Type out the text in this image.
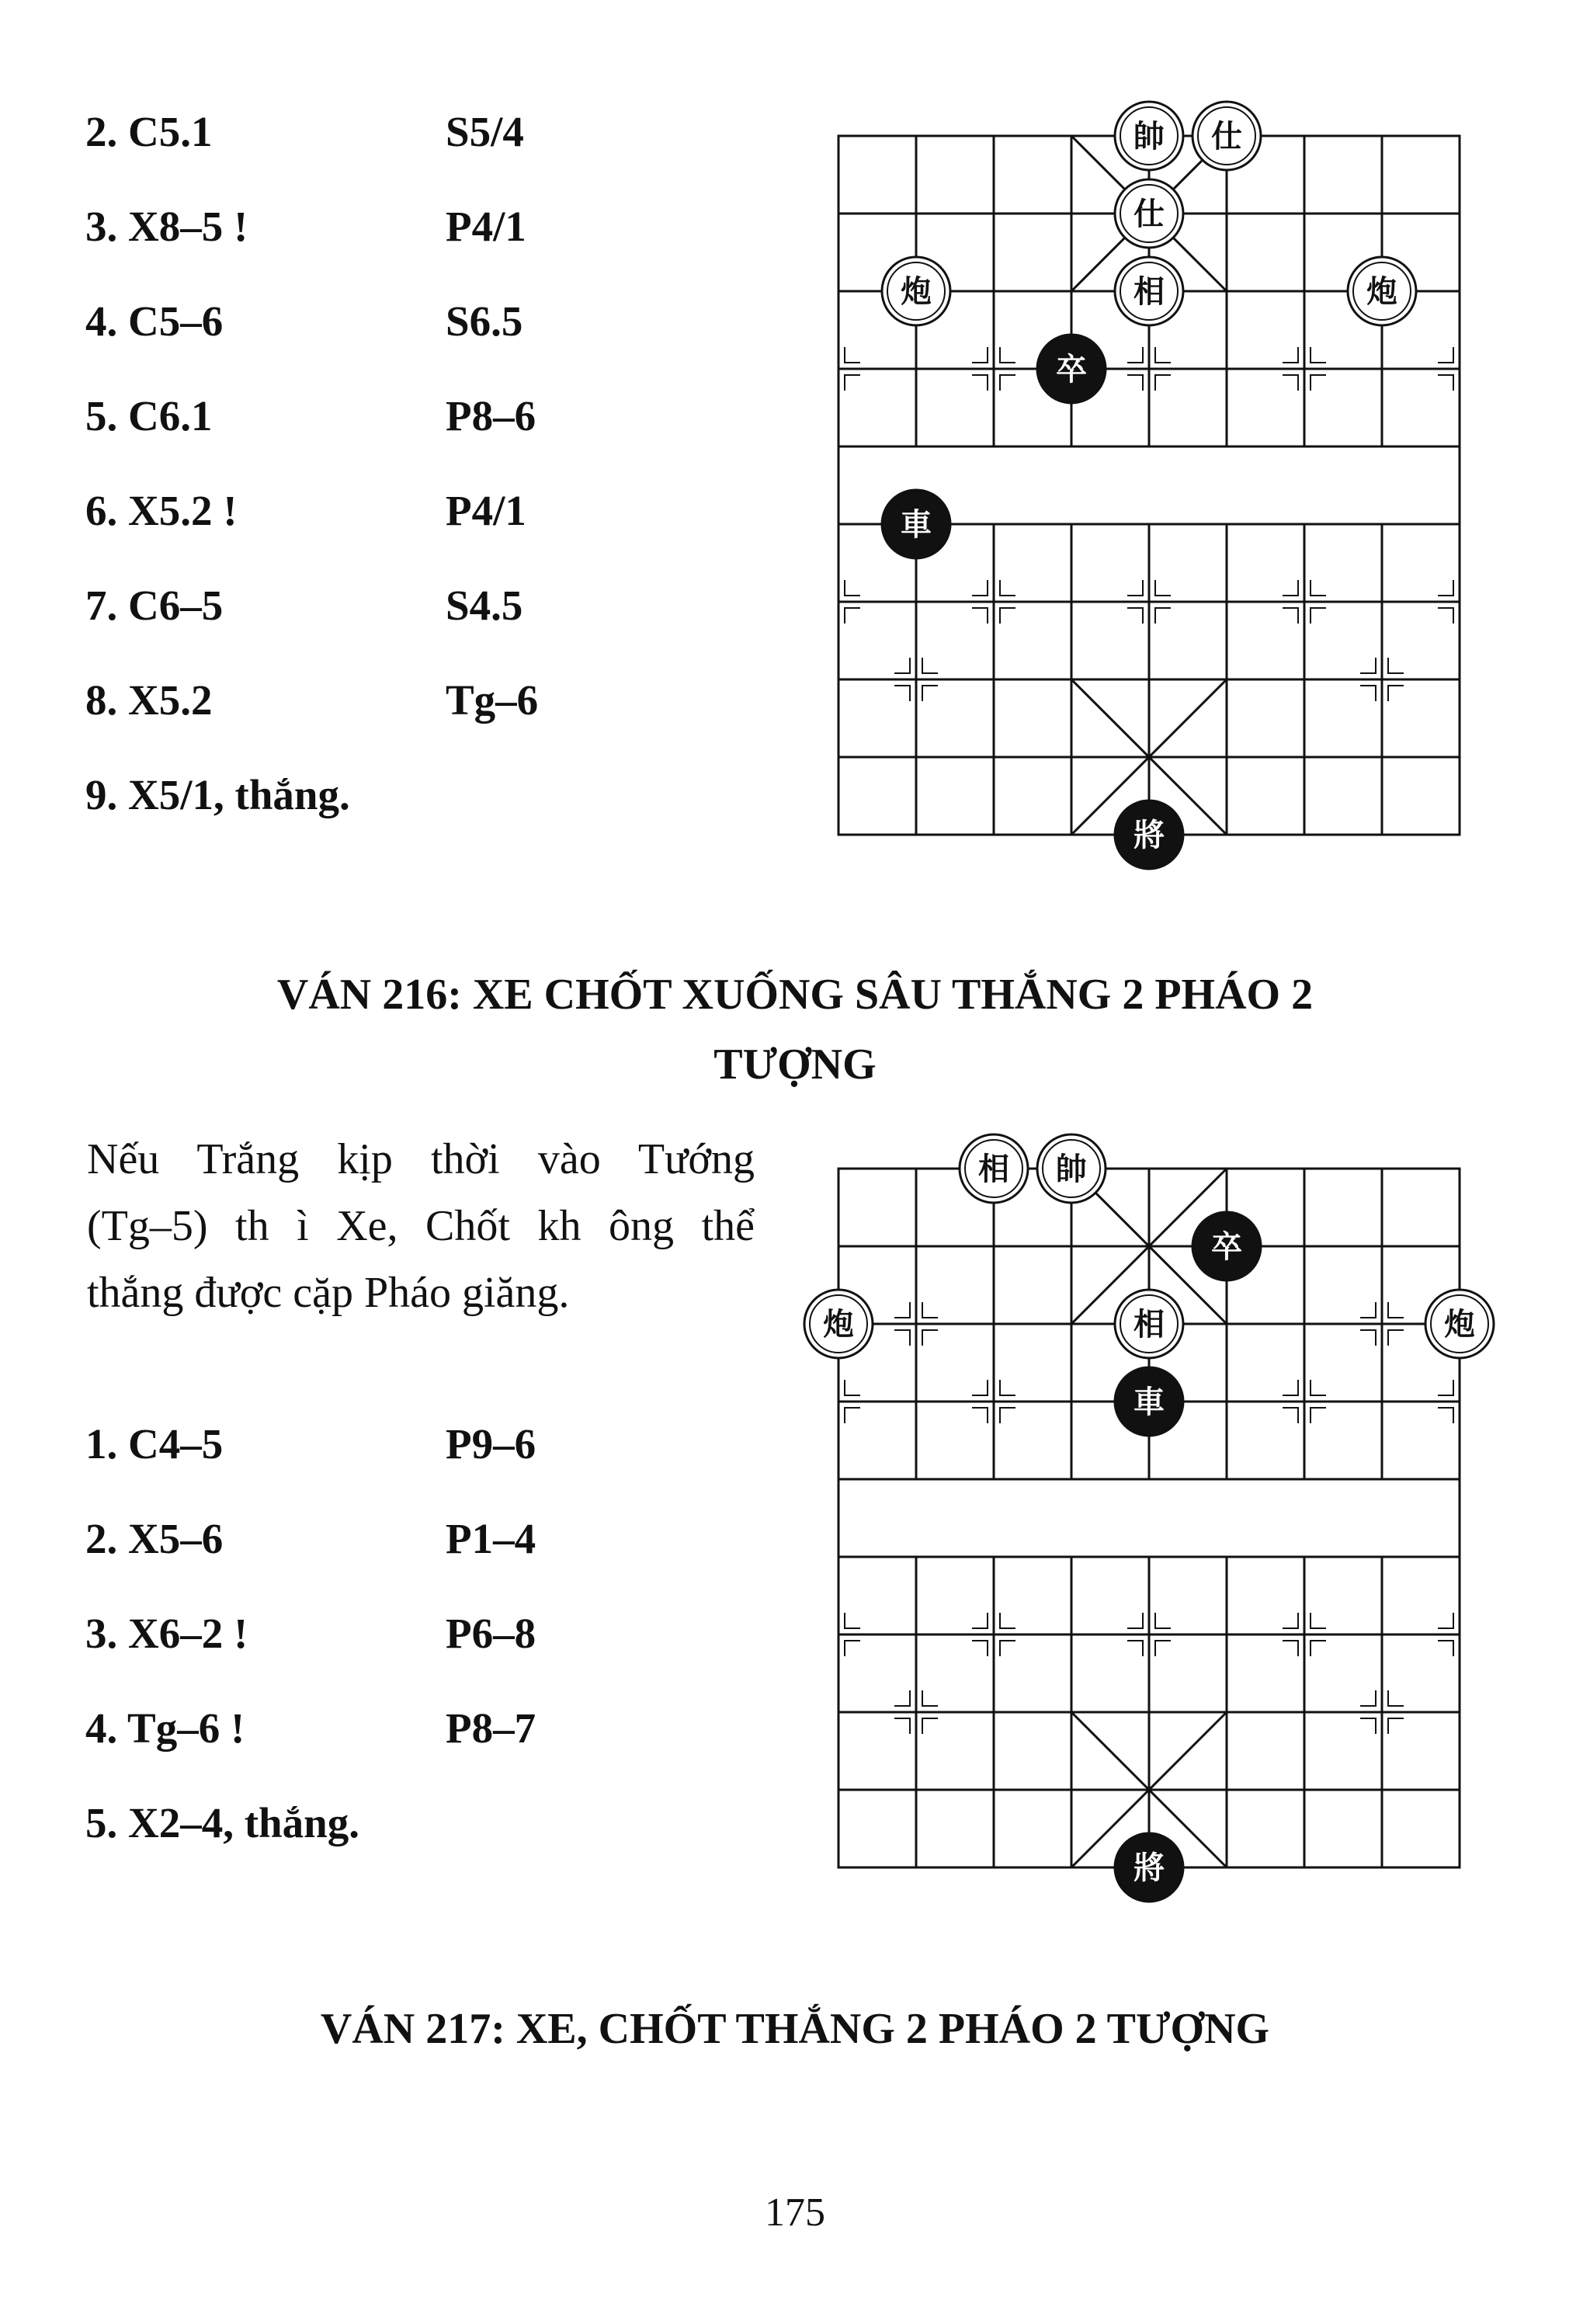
2. C5.1	S5/4
3. X8–5 !	P4/1
4. C5–6	S6.5
5. C6.1	P8–6
6. X5.2 !	P4/1
7. C6–5	S4.5
8. X5.2	Tg–6
9. X5/1, thắng.
帥 仕
仕
炮	相	炮
卒
車
將
VÁN 216: XE CHỐT XUỐNG SÂU THẮNG 2 PHÁO 2
TƯỢNG
Nếu Trắng kịp thời vào Tướng
(Tg–5) th ì Xe, Chốt kh ông thể
thắng được cặp Pháo giăng.
1. C4–5	P9–6
2. X5–6	P1–4
3. X6–2 !	P6–8
4. Tg–6 !	P8–7
5. X2–4, thắng.
相 帥
卒
炮	相	炮
車
將
VÁN 217: XE, CHỐT THẮNG 2 PHÁO 2 TƯỢNG
175
